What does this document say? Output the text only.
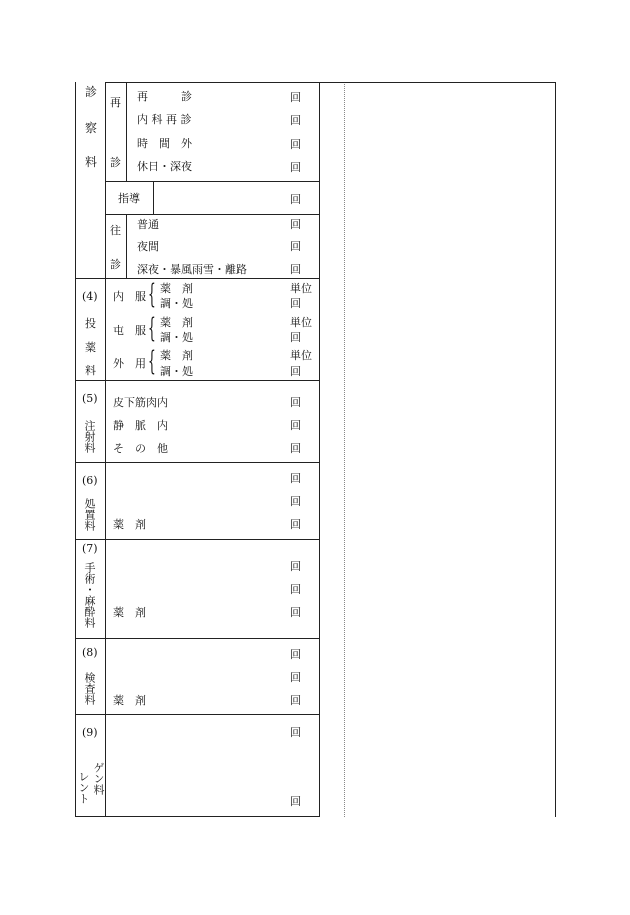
診
察
料
再
診
再　　　診
内 科 再 診
時　間　外
休日・深夜
回
回
回
回
指導	回
往
診
普通
夜間
深夜・暴風雨雪・離路
回
回
回
(4)
投
薬
料
内　服
屯　服
外　用
{
{
{
薬　剤
調・処
薬　剤
調・処
薬　剤
調・処
単位
回
単位
回
単位
回
(5)
注射料
皮下筋肉内
静　脈　内
そ　の　他
回
回
回
(6)
処置料 薬　剤
回
回
回
(7)
手術・麻酔料 薬　剤
回
回
回
(8)
検査料 薬　剤
回
回
回
(9)
ゲン料
レント
回
回
